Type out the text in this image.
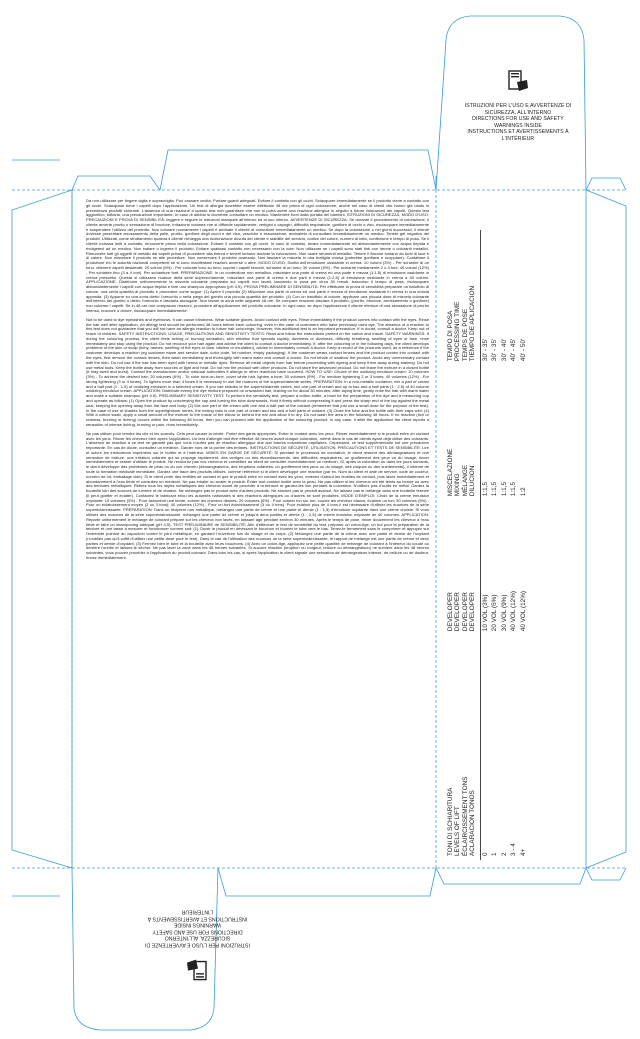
ISTRUZIONI PER L'USO E AVVERTENZE DI
SICUREZZA, ALL'INTERNO
DIRECTIONS FOR USE AND SAFETY
WARNINGS INSIDE
INSTRUCTIONS ET AVERTISSEMENTS À
L'INTÉRIEUR
ISTRUZIONI PER L'USO E AVVERTENZE DI
SICUREZZA, ALL'INTERNO
DIRECTIONS FOR USE AND SAFETY
WARNINGS INSIDE
INSTRUCTIONS ET AVERTISSEMENTS À
L'INTÉRIEUR

Da non utilizzare per tingere ciglia e sopracciglia. Può causare cecità. Portare guanti adeguati. Evitare il contatto con gli occhi. Sciacquare immediatamente se il prodotto viene a contatto con gli occhi. Sciacquare bene i capelli dopo l'applicazione. Un test di allergia dovrebbe essere effettuato 48 ore prima di ogni colorazione, anche nel caso di clienti che hanno già usato in precedenza prodotti coloranti. L'assenza di una reazione a questo test non garantisce che non si potrà avere una reazione allergica in seguito a future colorazioni dei capelli. Questo test aggiuntivo, tuttavia, una precauzione importante. In caso di dubbio si dovrebbe consultare un medico. Mantenere fuori dalla portata dei bambini. ISTRUZIONI DI SICUREZZA, MODO D'USO, PRECAUZIONI E PROVA DI SENSIBILITÀ: leggere e seguire le istruzioni stampate all'interno ed al suo interno. AVVERTENZE DI SICUREZZA: Se durante il procedimento di colorazione, il cliente avverte prurito o sensazione di bruciore, irritazione cutanea che si diffonde rapidamente, vertigini o capogiri, difficoltà respiratorie, gonfiore di occhi o viso, risciacquare immediatamente e sospendere l'utilizzo del prodotto. Non colorare nuovamente i capelli e avvisate il cliente di consultare immediatamente un medico. Se dopo la colorazione o nei giorni successivi, il cliente dovesse presentare arrossamento della pelle, prurito, gonfiore degli occhi e del viso, vesciche o essudazione, avvisatelo di consultare immediatamente un medico. Tenete gel negativo dei prodotti. Utilizzati, come sfruttamento qualora il cliente richiegga una ricolorazione dovuta del cliente e stabilite del servizio, codice del colore, numero di lotto, confezione e tempo di posa. Se il cliente indossa lenti a contatto, rimuoverle prima della colorazione. Evitare il contatto con gli occhi. In caso di contatto, lavare immediatamente ed abbondantemente con acqua tiepida e rivolgetevi ad un medico. Non inalare o ingerire il prodotto. Evitare qualsiasi contatto non necessario con la cute. Non utilizzare se i capelli sono stati tinti con henné o coloranti metallici. Rimuovere tutti gli oggetti di metallo dai capelli prima di procedere alla tintura e tenerli lontano durante la colorazione. Non usare strumenti metallici. Tenere il flacone lontano da fonti di luce e di calore. Non miscelare il prodotto se alle procedure. Non conservare il prodotto avanzato. Non lasciare la miscela in una bottiglia chiusa (potrebbe gonfiarsi e scoppiare). Contattare il produttore e/o le autorità nazionali competenti se si sono manifestate reazioni avverse o altre. MODO D'USO: Scelta dell'emulsione ossidante in crema: 10 volumi (3%) - Per schiarire di un tono, ottenere capelli desiderati; 20 volumi (6%) - Per colorare tono su tono, coprire i capelli bianchi, schiarire di un tono; 30 volumi (9%) - Per schiarire mediamente 2 o 3 toni; 40 volumi (12%) - Per schiarire fino (3 a 4 toni). Per schiariture forti. PREPARAZIONE: In un contenitore non metallico, miscelare una parte di crema ed una parte e mezza (1:1,5) di emulsione ossidante in crema prescelta. Questa si utilizzano nuance della serie superschiarente, miscelare una parte di crema e due parti e mezza (1:2,5) di emulsione ossidante in crema a 40 volumi. APPLICAZIONE: Distribuire uniformemente la miscela colorante preparata sui capelli non lavati, lasciando in posa per circa 30 minuti, trascorso il tempo di posa, risciacquare abbondantemente i capelli con acqua tiepida e fare uno shampoo appropriato (pH 4,5). PROVA PRELIMINARE DI SENSIBILITÀ: Per effettuare la prova di sensibilità preparare un batuffolo di cotone, una certa quantità di prodotto e procedere come segue: (1) Aprire il prodotto (2) Miscelare una parte di crema ed una parte e mezza di emulsione ossidante in crema in una ciotola apposita. (3) Apporre su una zona dietro l'orecchio o nella piega del gomito una piccola quantità del prodotto. (4) Con un batuffolo di cotone, applicare una piccola dose di miscela colorante dell'interno del gomito o dietro l'orecchio e lasciarla asciugare. Non lavare la zona nelle seguenti 48 ore. Se compare reazione lasciare il prodotto, (prurito, bruciore, arrossamento o gonfiore) non colorare i capelli. Se in 48 ore non compaiono reazioni, procedere all'applicazione del prodotto colorante. In ogni caso, se dopo l'applicazione il cliente riferisce di una sensazione di prurito intenso, bruciore o dolore, risciacquare immediatamente.

Not to be used to dye eyelashes and eyebrows. It can cause blindness. Wear suitable gloves. Avoid contact with eyes. Rinse immediately if the product comes into contact with the eyes. Rinse the hair well after application. An allergy test should be performed 48 hours before each colouring, even in the case of customers who have previously used dye. The absence of a reaction to this test does not guarantee that you will not have an allergic reaction to future hair colourings. However, this additional test is an important precaution. If in doubt, consult a doctor. Keep out of reach of children. SAFETY INSTRUCTIONS, USAGE, PRECAUTIONS AND SENSITIVITY TESTS: Read and follow the instructions printed on the carton and inside. SAFETY WARNINGS: If during the colouring process, the client feels itching or burning sensation, skin irritation that spreads rapidly, dizziness or dizziness, difficulty breathing, swelling of eyes or face, rinse immediately and stop using the product. Do not recolour your hair again and advise the client to consult a doctor immediately. If, after the colouring or in the following days, the client develops problems of the skin or scalp (itchy, rashes, swelling of the eyes or face, blisters or exudation), advise to immediately consult a doctor. Keep a record of the products used, as a reference if the customer develops a reaction (eg customer name and service date, color code, lot number, empty packaging). If the customer wears contact lenses and the product comes into contact with the eyes, first remove the contact lenses, then wash immediately and thoroughly with warm water and consult a doctor. Do not inhale or swallow the product. Avoid any unnecessary contact with the skin. Do not use if the hair has been dyed with henna or metallic dyes. Remove all metal objects from hair before proceeding with dyeing and keep them away during staining. Do not use metal tools. Keep the bottle away from sources of light and heat. Do not mix the product with other products. Do not store the advanced product. Do not leave the mixture in a closed bottle (it may swell and burst). Contact the manufacturer and/or national authorities if allergic or other reactions have occurred. HOW TO USE: Choice of the oxidizing emulsion cream: 10 volumes (3%) - To achieve the desired hair; 20 volumes (6%) - To color tone-on-tone, cover white hair, lighten a tone; 30 volumes (9%) - For medium lightening 2 or 3 tones; 40 volumes (12%) - For strong lightening (3 or 4 tones). To lighten more than 4 tones it is necessary to use the nuances of the superschiarente series. PREPARATION: In a non-metallic container, mix a part of cream and a half part (1 : 1.5) of oxidizing emulsion in a selected cream. If you use shades of the superschiarente series, mix one part of cream and up to two and a half parts (1 : 2.5) of 40 volume oxidizing emulsion cream. APPLICATION: Distribute evenly the dye mixture prepared on unwashed hair, leaving on for about 30 minutes; after laying time, gently rinse the hair with warm water and make a suitable shampoo (pH 4.5). PRELIMINARY SENSITIVITY TEST: To perform the sensitivity test, prepare a cotton bottle, a bowl for the preparation of the dye and a measuring cup and operate as follows: (1) Open the product by unscrewing the cap and turning the tube downwards. Hold it firmly without compressing it and press the sharp end of the tap against the metal seal, keeping the opening away from the face and body. (2) Mix one part of the cream with one and a half part of the oxidant (remember that just use a small dose for the purpose of the test). In the case of use of shades from the superlightener series, the mixing ratio is one part of cream and two and a half parts of oxidant. (3) Close the tube and the bottle with their caps well. (4) With a cotton swab, apply a small amount of the mixture to the inside of the elbow or behind the ear and allow it to dry. Do not wash the area in the following 48 hours. If no reaction (itch or redness, burning or itching) occurs within the following 48 hours, then you can proceed with the application of the colouring product. In any case, if after the application the client reports a sensation of intense itching, burning or pain, rinse immediately.

Ne pas utiliser pour teindre les cils et les sourcils. Cela peut causer la cécité. Porter des gants appropriés. Éviter le contact avec les yeux. Rincer immédiatement si le produit entre en contact avec les yeux. Rincer les cheveux bien après l'application. Un test d'allergie doit être effectué 48 heures avant chaque coloration, même dans le cas de clients ayant déjà utilisé des colorants. L'absence de réaction à ce test ne garantit pas que vous n'aurez pas de réaction allergique due aux futures colorations capillaires. Cependant, ce test supplémentaire est une précaution importante. En cas de doute, consultez un médecin. Garder hors de la portée des enfants. INSTRUCTIONS DE SÉCURITÉ, UTILISATION, PRÉCAUTIONS ET TESTS DE SENSIBILITÉ: Lire et suivre les instructions imprimées sur le boîtier et à l'intérieur. MISES EN GARDE DE SÉCURITÉ: Si pendant le processus de coloration, le client ressent des démangeaisons et une sensation de brûlure, une irritation cutanée qui se propage rapidement, des vertiges ou des étourdissements, des difficultés respiratoires, un gonflement des yeux ou du visage, rincer immédiatement et cesser d'utiliser le produit. Ne recolorez pas vos cheveux et conseillez au client de consulter immédiatement un médecin. Si, après la coloration ou dans les jours suivants, le client développe des problèmes de peau ou du cuir chevelu (démangeaisons, des éruptions cutanées, un gonflement des yeux ou du visage, des cloques ou des suintements), il informe de toute la formation médicale immédiate. Gardez une trace des produits utilisés, comme référence si le client développe une réaction (par ex. Nom du client et date de service, code de couleur, numéro de lot, emballage vide). Si le client porte des lentilles de contact et que le produit entre en contact avec les yeux, enlevez d'abord les lentilles de contact, puis lavez immédiatement et abondamment à l'eau tiède et consultez un médecin. Ne pas inhaler ou avaler le produit. Éviter tout contact inutile avec la peau. Ne pas utiliser si les cheveux ont été teints au henné ou avec des teintures métalliques. Retirez tous les objets métalliques des cheveux avant de procéder à la teinture et gardez-les loin pendant la coloration. N'utilisez pas d'outils en métal. Gardez la bouteille loin des sources de lumière et de chaleur. Ne mélangez pas le produit avec d'autres produits. Ne stockez pas le produit avancé. Ne laissez pas le mélange dans une bouteille fermée (il peut gonfler et éclater). Contactez le fabricant et/ou les autorités nationales si des réactions allergiques ou d'autres se sont produites. MODE D'EMPLOI: Choix de la crème émulsion oxydante: 10 volumes (3%) - Pour assombrir une teinte, colorer les cheveux désirés; 20 volumes (6%) - Pour colorer ton sur ton, couvrir les cheveux blancs, éclaircir un ton; 30 volumes (9%) - Pour un éclaircissement moyen (2 ou 3 tons); 40 volumes (12%) - Pour un fort éclaircissement (3 ou 4 tons). Pour éclaircir plus de 4 tons il est nécessaire d'utiliser les nuances de la série superéclaircissante. PRÉPARATION: Dans un récipient non métallique, mélangez une partie de crème et une partie et demie (1 : 1,5) d'émulsion oxydante dans une crème choisie. Si vous utilisez des nuances de la série superéclaircissante, mélangez une partie de crème et jusqu'à deux parties et demie (1 : 2,5) de crème émulsion oxydante de 40 volumes. APPLICATION: Répartir uniformément le mélange de colorant préparé sur les cheveux non lavés, en laissant agir pendant environ 30 minutes. Après le temps de pose, rincer doucement les cheveux à l'eau tiède et faire un shampooing adéquat (pH 4,5). TEST PRÉLIMINAIRE de SENSIBILITÉ: Afin d'effectuer le test de sensibilité du test, préparer un coton-tige, un bol pour la préparation de la teinture et une tasse à mesurer et fonctionner comme suit: (1) Ouvrir le produit en dévissant le bouchon et tourner le tube vers le bas. Tenez-le fermement sans le comprimer et appuyez sur l'extrémité pointue du capuchon contre le joint métallique, en gardant l'ouverture loin du visage et du corps. (2) Mélangez une partie de la crème avec une partie et demie de l'oxydant (n'oubliez pas qu'il suffit d'utiliser une petite dose pour le test). Dans le cas de l'utilisation des nuances de la série superéclaircissante, le rapport de mélange est une partie de crème et deux parties et demie d'oxydant. (3) Fermez bien le tube et la bouteille avec leurs bouchons. (4) Avec un coton-tige, appliquez une petite quantité de mélange de colorant à l'intérieur du coude ou derrière l'oreille et laissez-le sécher. Ne pas laver la zone dans les 48 heures suivantes. Si aucune réaction (irruption ou rougeur, brûlure ou démangeaison) ne survient dans les 48 heures suivantes, vous pouvez procéder à l'application du produit colorant. Dans tous les cas, si après l'application le client signale une sensation de démangeaison intense, de brûlure ou de douleur, rincez immédiatement.

TONI DI SCHIARITURA LEVELS OF LIFT ÉCLAIRCISSEMENT TONS ACLARACION TONOS	DEVELOPER DEVELOPER DEVELOPER DEVELOPER	MISCELAZIONE MIXING MÉLANGE DILUCION	TEMPO DI POSA PROCESSING TIME TEMPS DE POSE TIEMPO DE APLICACION

0	10 VOL (3%)	1:1,5	30' - 35'
1	20 VOL (6%)	1:1,5	30' - 35'
2	30 VOL (9%)	1:1,5	30' - 40'
3 - 4	40 VOL (12%)	1:1,5	40' - 45'
4+	40 VOL (12%)	1:2	40' - 50'
